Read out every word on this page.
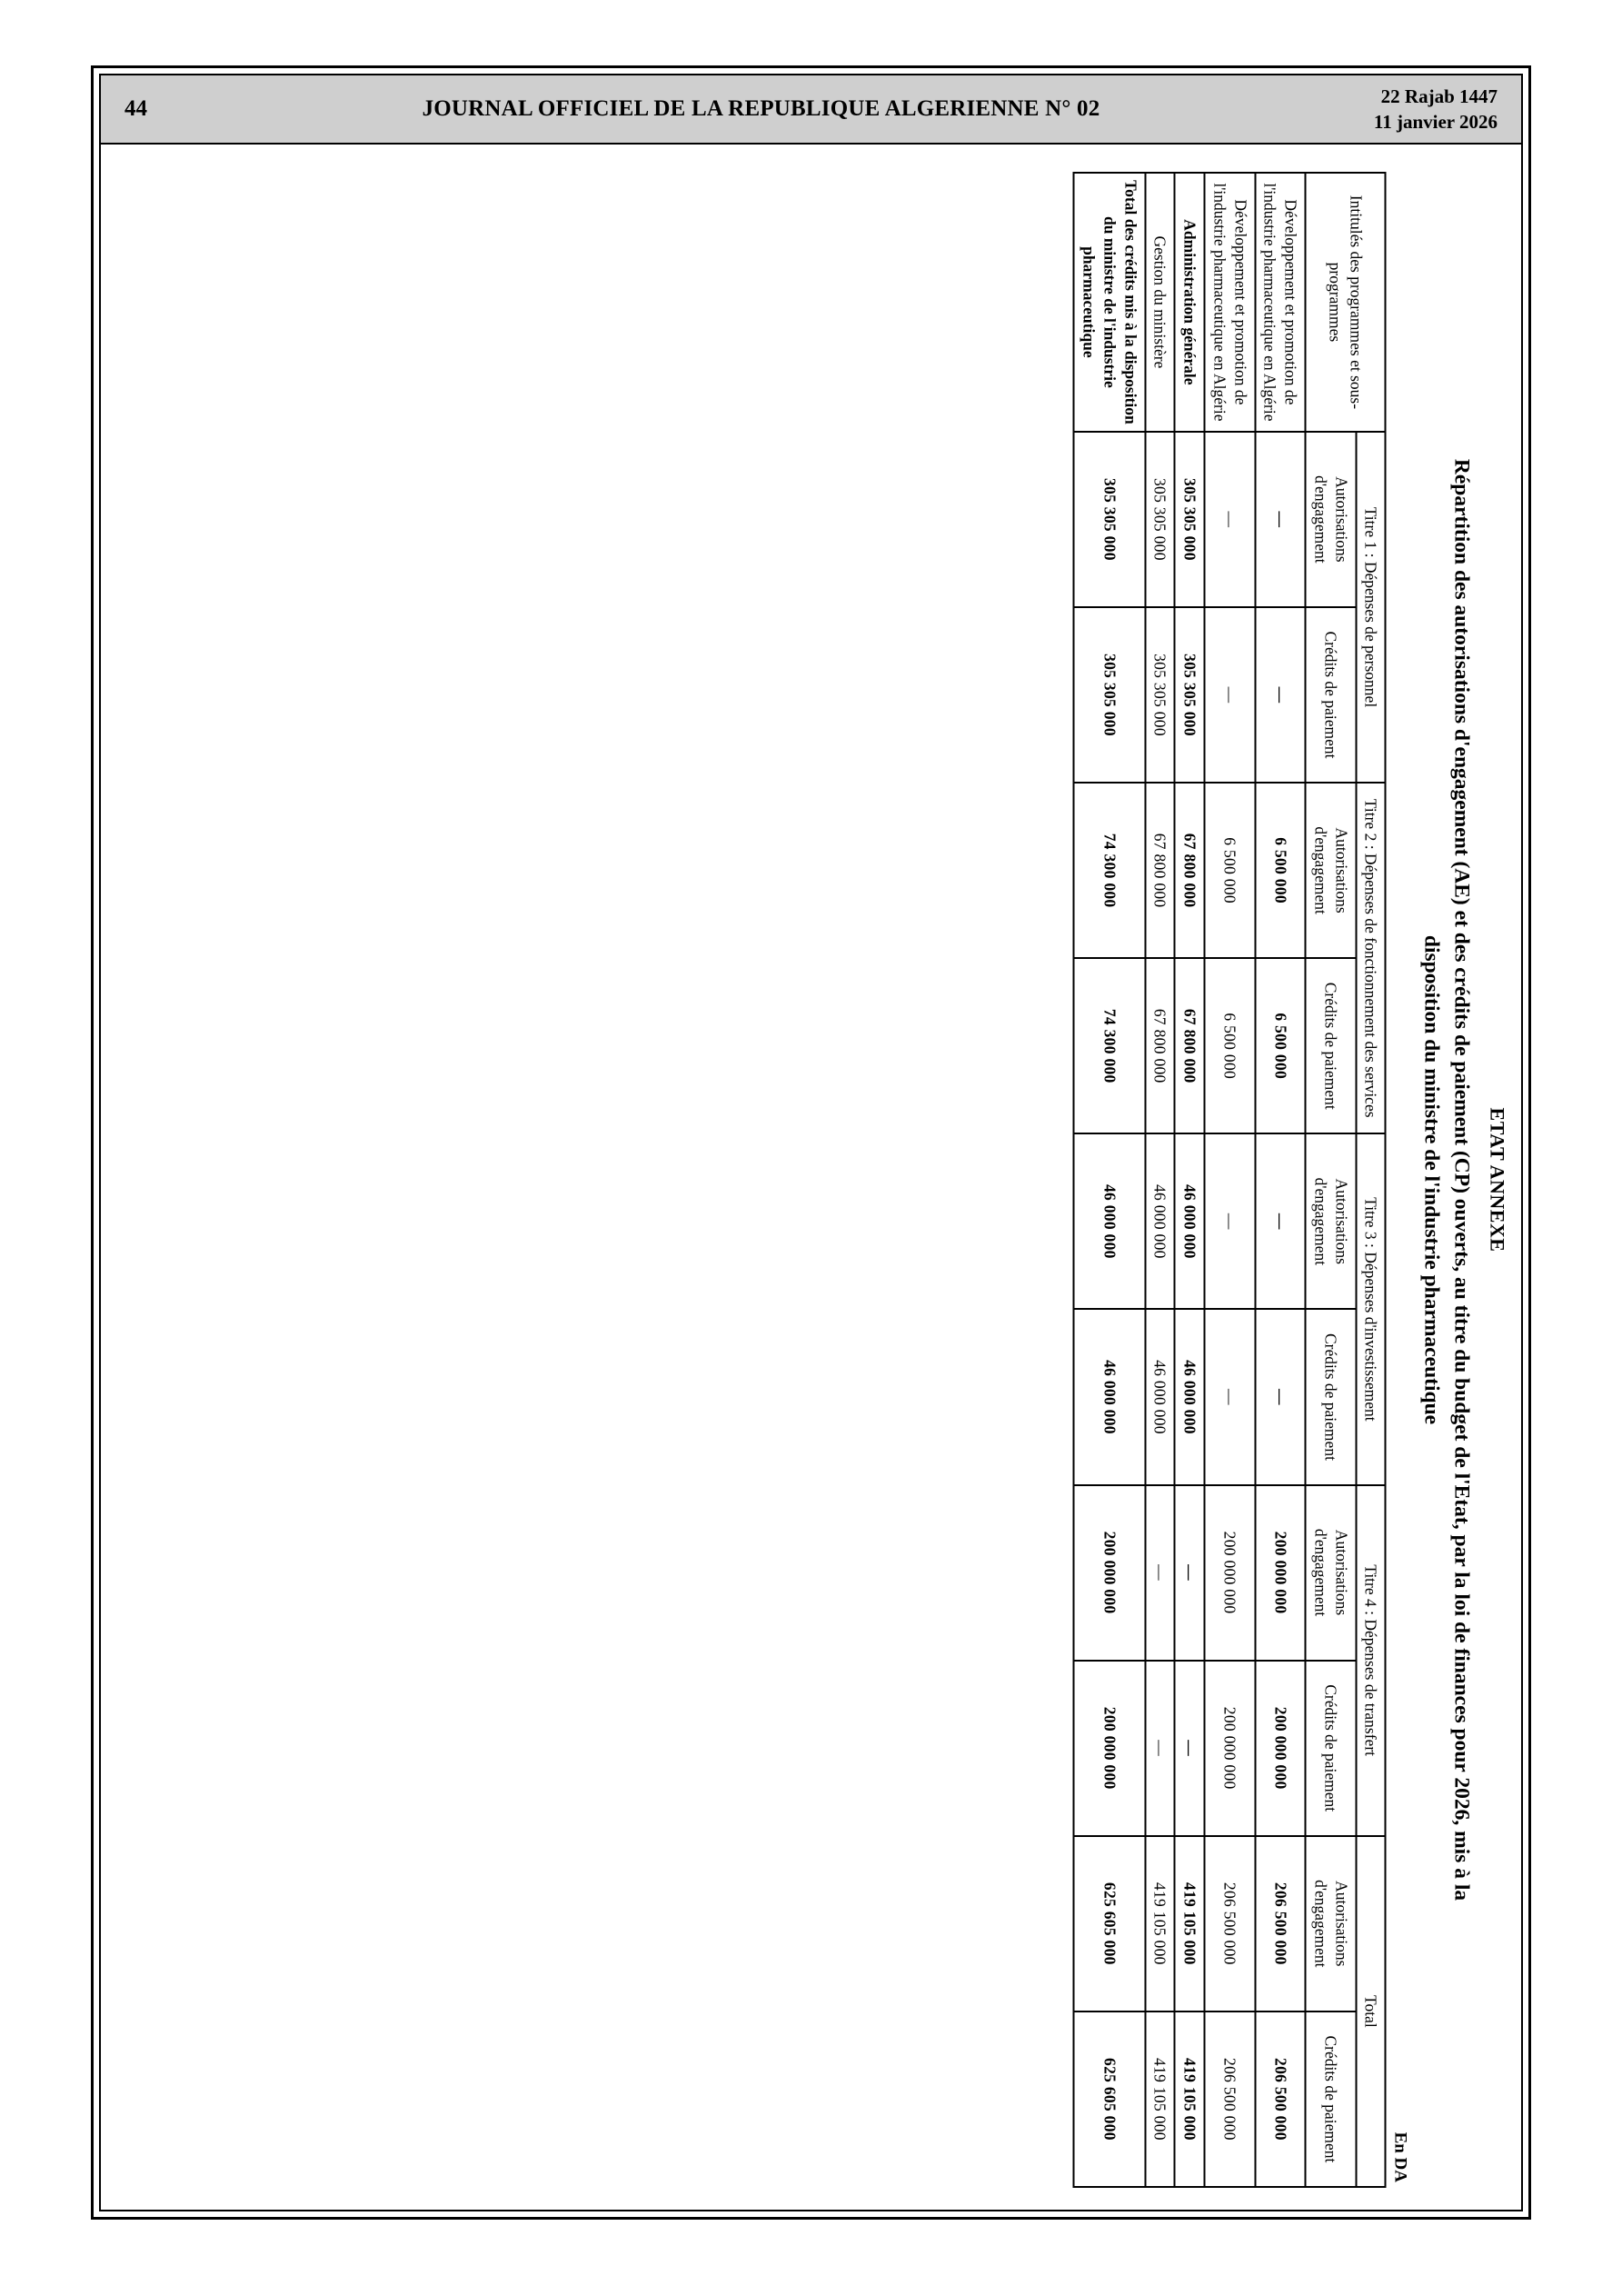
44	JOURNAL OFFICIEL DE LA REPUBLIQUE ALGERIENNE N° 02
22 Rajab 1447
11 janvier 2026
ETAT ANNEXE
Répartition des autorisations d'engagement (AE) et des crédits de paiement (CP) ouverts, au titre du budget de l'Etat, par la loi de finances pour 2026, mis à la disposition du ministre de l'industrie pharmaceutique
En DA
Intitulés des programmes et sous-programmes	Titre 1 : Dépenses de personnel		Titre 2 : Dépenses de fonctionnement des services		Titre 3 : Dépenses d'investissement		Titre 4 : Dépenses de transfert		Total	
	Autorisations d'engagement	Crédits de paiement	Autorisations d'engagement	Crédits de paiement	Autorisations d'engagement	Crédits de paiement	Autorisations d'engagement	Crédits de paiement	Autorisations d'engagement	Crédits de paiement
Développement et promotion de l'industrie pharmaceutique en Algérie	—	—	6 500 000	6 500 000	—	—	200 000 000	200 000 000	206 500 000	206 500 000
Développement et promotion de l'industrie pharmaceutique en Algérie	—	—	6 500 000	6 500 000	—	—	200 000 000	200 000 000	206 500 000	206 500 000
Administration générale	305 305 000	305 305 000	67 800 000	67 800 000	46 000 000	46 000 000	—	—	419 105 000	419 105 000
Gestion du ministère	305 305 000	305 305 000	67 800 000	67 800 000	46 000 000	46 000 000	—	—	419 105 000	419 105 000
Total des crédits mis à la disposition du ministre de l'industrie pharmaceutique	305 305 000	305 305 000	74 300 000	74 300 000	46 000 000	46 000 000	200 000 000	200 000 000	625 605 000	625 605 000
